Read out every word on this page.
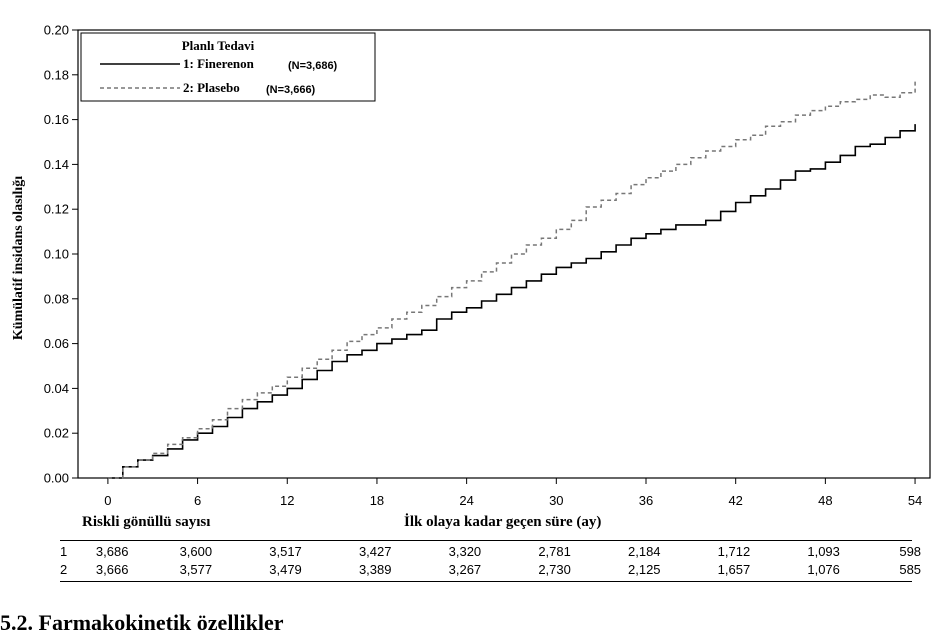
0.00
0.02
0.04
0.06
0.08
0.10
0.12
0.14
0.16
0.18
0.20
0	6	12	18	24	30	36	42	48	54
Planlı Tedavi
1: Finerenon	(N=3,686)
2: Plasebo (N=3,666)
Kümülatif insidans olasılığı
Riskli gönüllü sayısı	İlk olaya kadar geçen süre (ay)
1 3,686	3,600	3,517	3,427	3,320	2,781	2,184	1,712	1,093	598
2 3,666	3,577	3,479	3,389	3,267	2,730	2,125	1,657	1,076	585
5.2. Farmakokinetik özellikler
